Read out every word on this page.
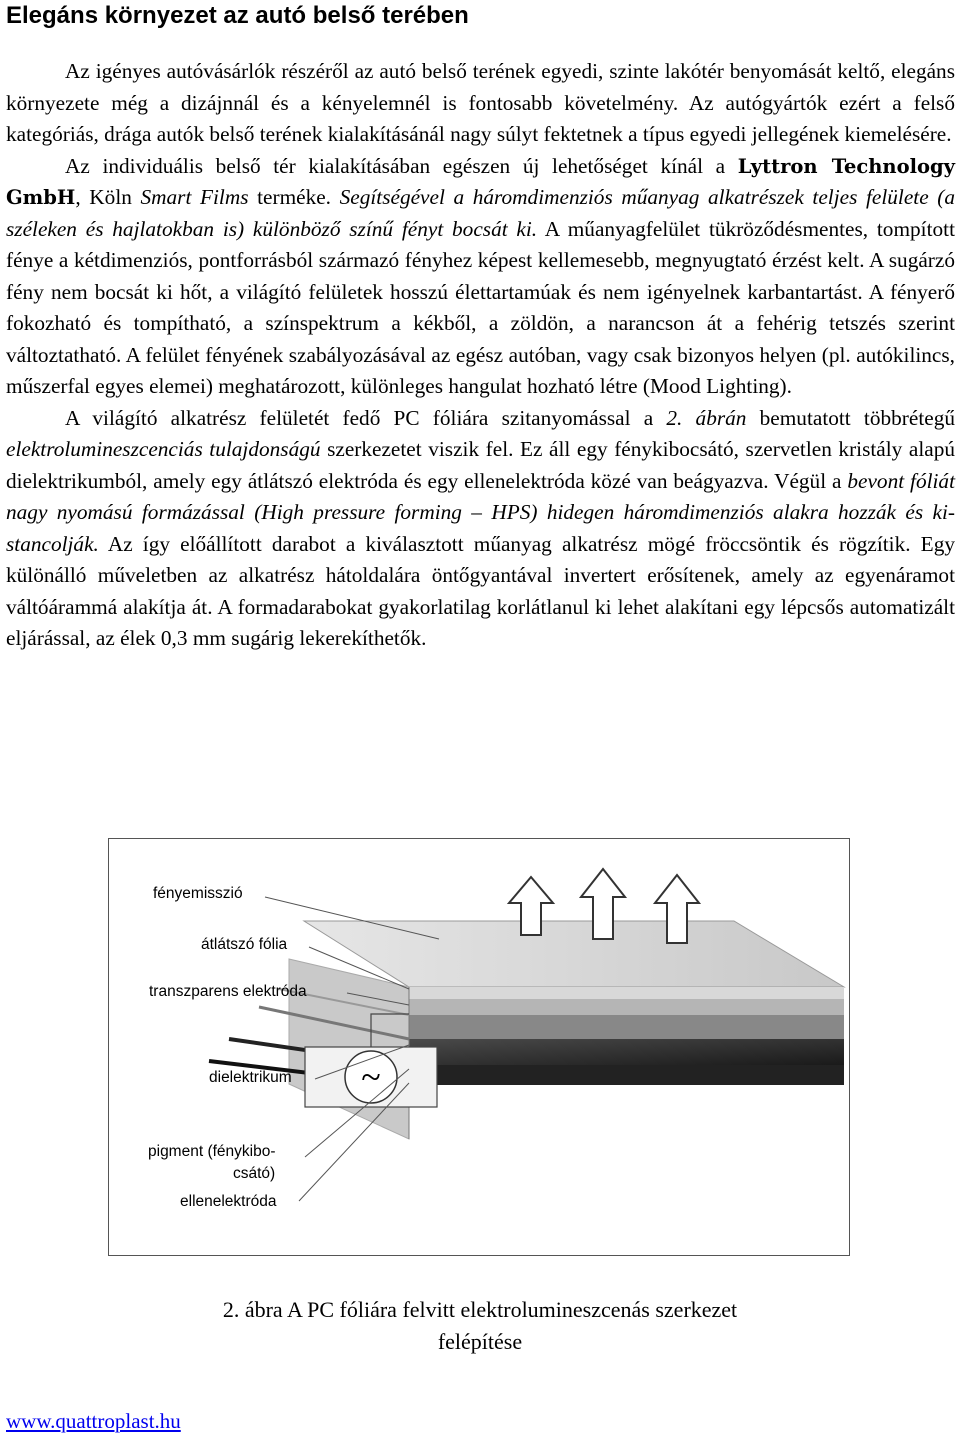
Elegáns környezet az autó belső terében

Az igényes autóvásárlók részéről az autó belső terének egyedi, szinte lakótér benyomását keltő, elegáns környezete még a dizájnnál és a kényelemnél is fontosabb követelmény. Az autógyártók ezért a felső kategóriás, drága autók belső terének kialakításánál nagy súlyt fektetnek a típus egyedi jellegének kiemelésére.

Az individuális belső tér kialakításában egészen új lehetőséget kínál a Lyttron Technology GmbH, Köln Smart Films terméke. Segítségével a háromdimenziós műanyag alkatrészek teljes felülete (a széleken és hajlatokban is) különböző színű fényt bocsát ki. A műanyagfelület tükröződésmentes, tompított fénye a kétdimenziós, pontforrásból származó fényhez képest kellemesebb, megnyugtató érzést kelt. A sugárzó fény nem bocsát ki hőt, a világító felületek hosszú élettartamúak és nem igényelnek karbantartást. A fényerő fokozható és tompítható, a színspektrum a kékből, a zöldön, a narancson át a fehérig tetszés szerint változtatható. A felület fényének szabályozásával az egész autóban, vagy csak bizonyos helyen (pl. autókilincs, műszerfal egyes elemei) meghatározott, különleges hangulat hozható létre (Mood Lighting).

A világító alkatrész felületét fedő PC fóliára szitanyomással a 2. ábrán bemutatott többrétegű elektrolumineszcenciás tulajdonságú szerkezetet viszik fel. Ez áll egy fénykibocsátó, szervetlen kristály alapú dielektrikumból, amely egy átlátszó elektróda és egy ellenelektróda közé van beágyazva. Végül a bevont fóliát nagy nyomású formázással (High pressure forming – HPS) hidegen háromdimenziós alakra hozzák és kistancolják. Az így előállított darabot a kiválasztott műanyag alkatrész mögé fröccsöntik és rögzítik. Egy különálló műveletben az alkatrész hátoldalára öntőgyantával invertert erősítenek, amely az egyenáramot váltóárammá alakítja át. A formadarabokat gyakorlatilag korlátlanul ki lehet alakítani egy lépcsős automatizált eljárással, az élek 0,3 mm sugárig lekerekíthetők.

~
fényemisszió
átlátszó fólia
transzparens elektróda
dielektrikum
pigment (fénykibo-
csátó)
ellenelektróda
2. ábra A PC fóliára felvitt elektrolumineszcenás szerkezet
felépítése
www.quattroplast.hu
